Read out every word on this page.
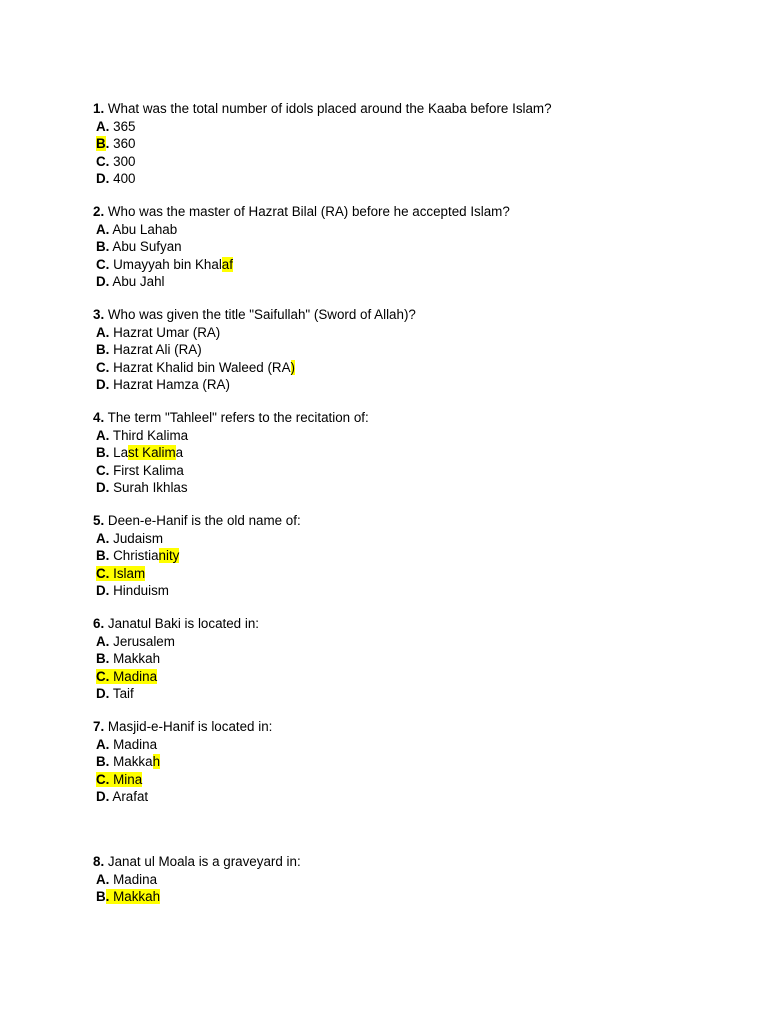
1. What was the total number of idols placed around the Kaaba before Islam?
A. 365
B. 360
C. 300
D. 400
2. Who was the master of Hazrat Bilal (RA) before he accepted Islam?
A. Abu Lahab
B. Abu Sufyan
C. Umayyah bin Khalaf
D. Abu Jahl
3. Who was given the title "Saifullah" (Sword of Allah)?
A. Hazrat Umar (RA)
B. Hazrat Ali (RA)
C. Hazrat Khalid bin Waleed (RA)
D. Hazrat Hamza (RA)
4. The term "Tahleel" refers to the recitation of:
A. Third Kalima
B. Last Kalima
C. First Kalima
D. Surah Ikhlas
5. Deen-e-Hanif is the old name of:
A. Judaism
B. Christianity
C. Islam
D. Hinduism
6. Janatul Baki is located in:
A. Jerusalem
B. Makkah
C. Madina
D. Taif
7. Masjid-e-Hanif is located in:
A. Madina
B. Makkah
C. Mina
D. Arafat
8. Janat ul Moala is a graveyard in:
A. Madina
B. Makkah
